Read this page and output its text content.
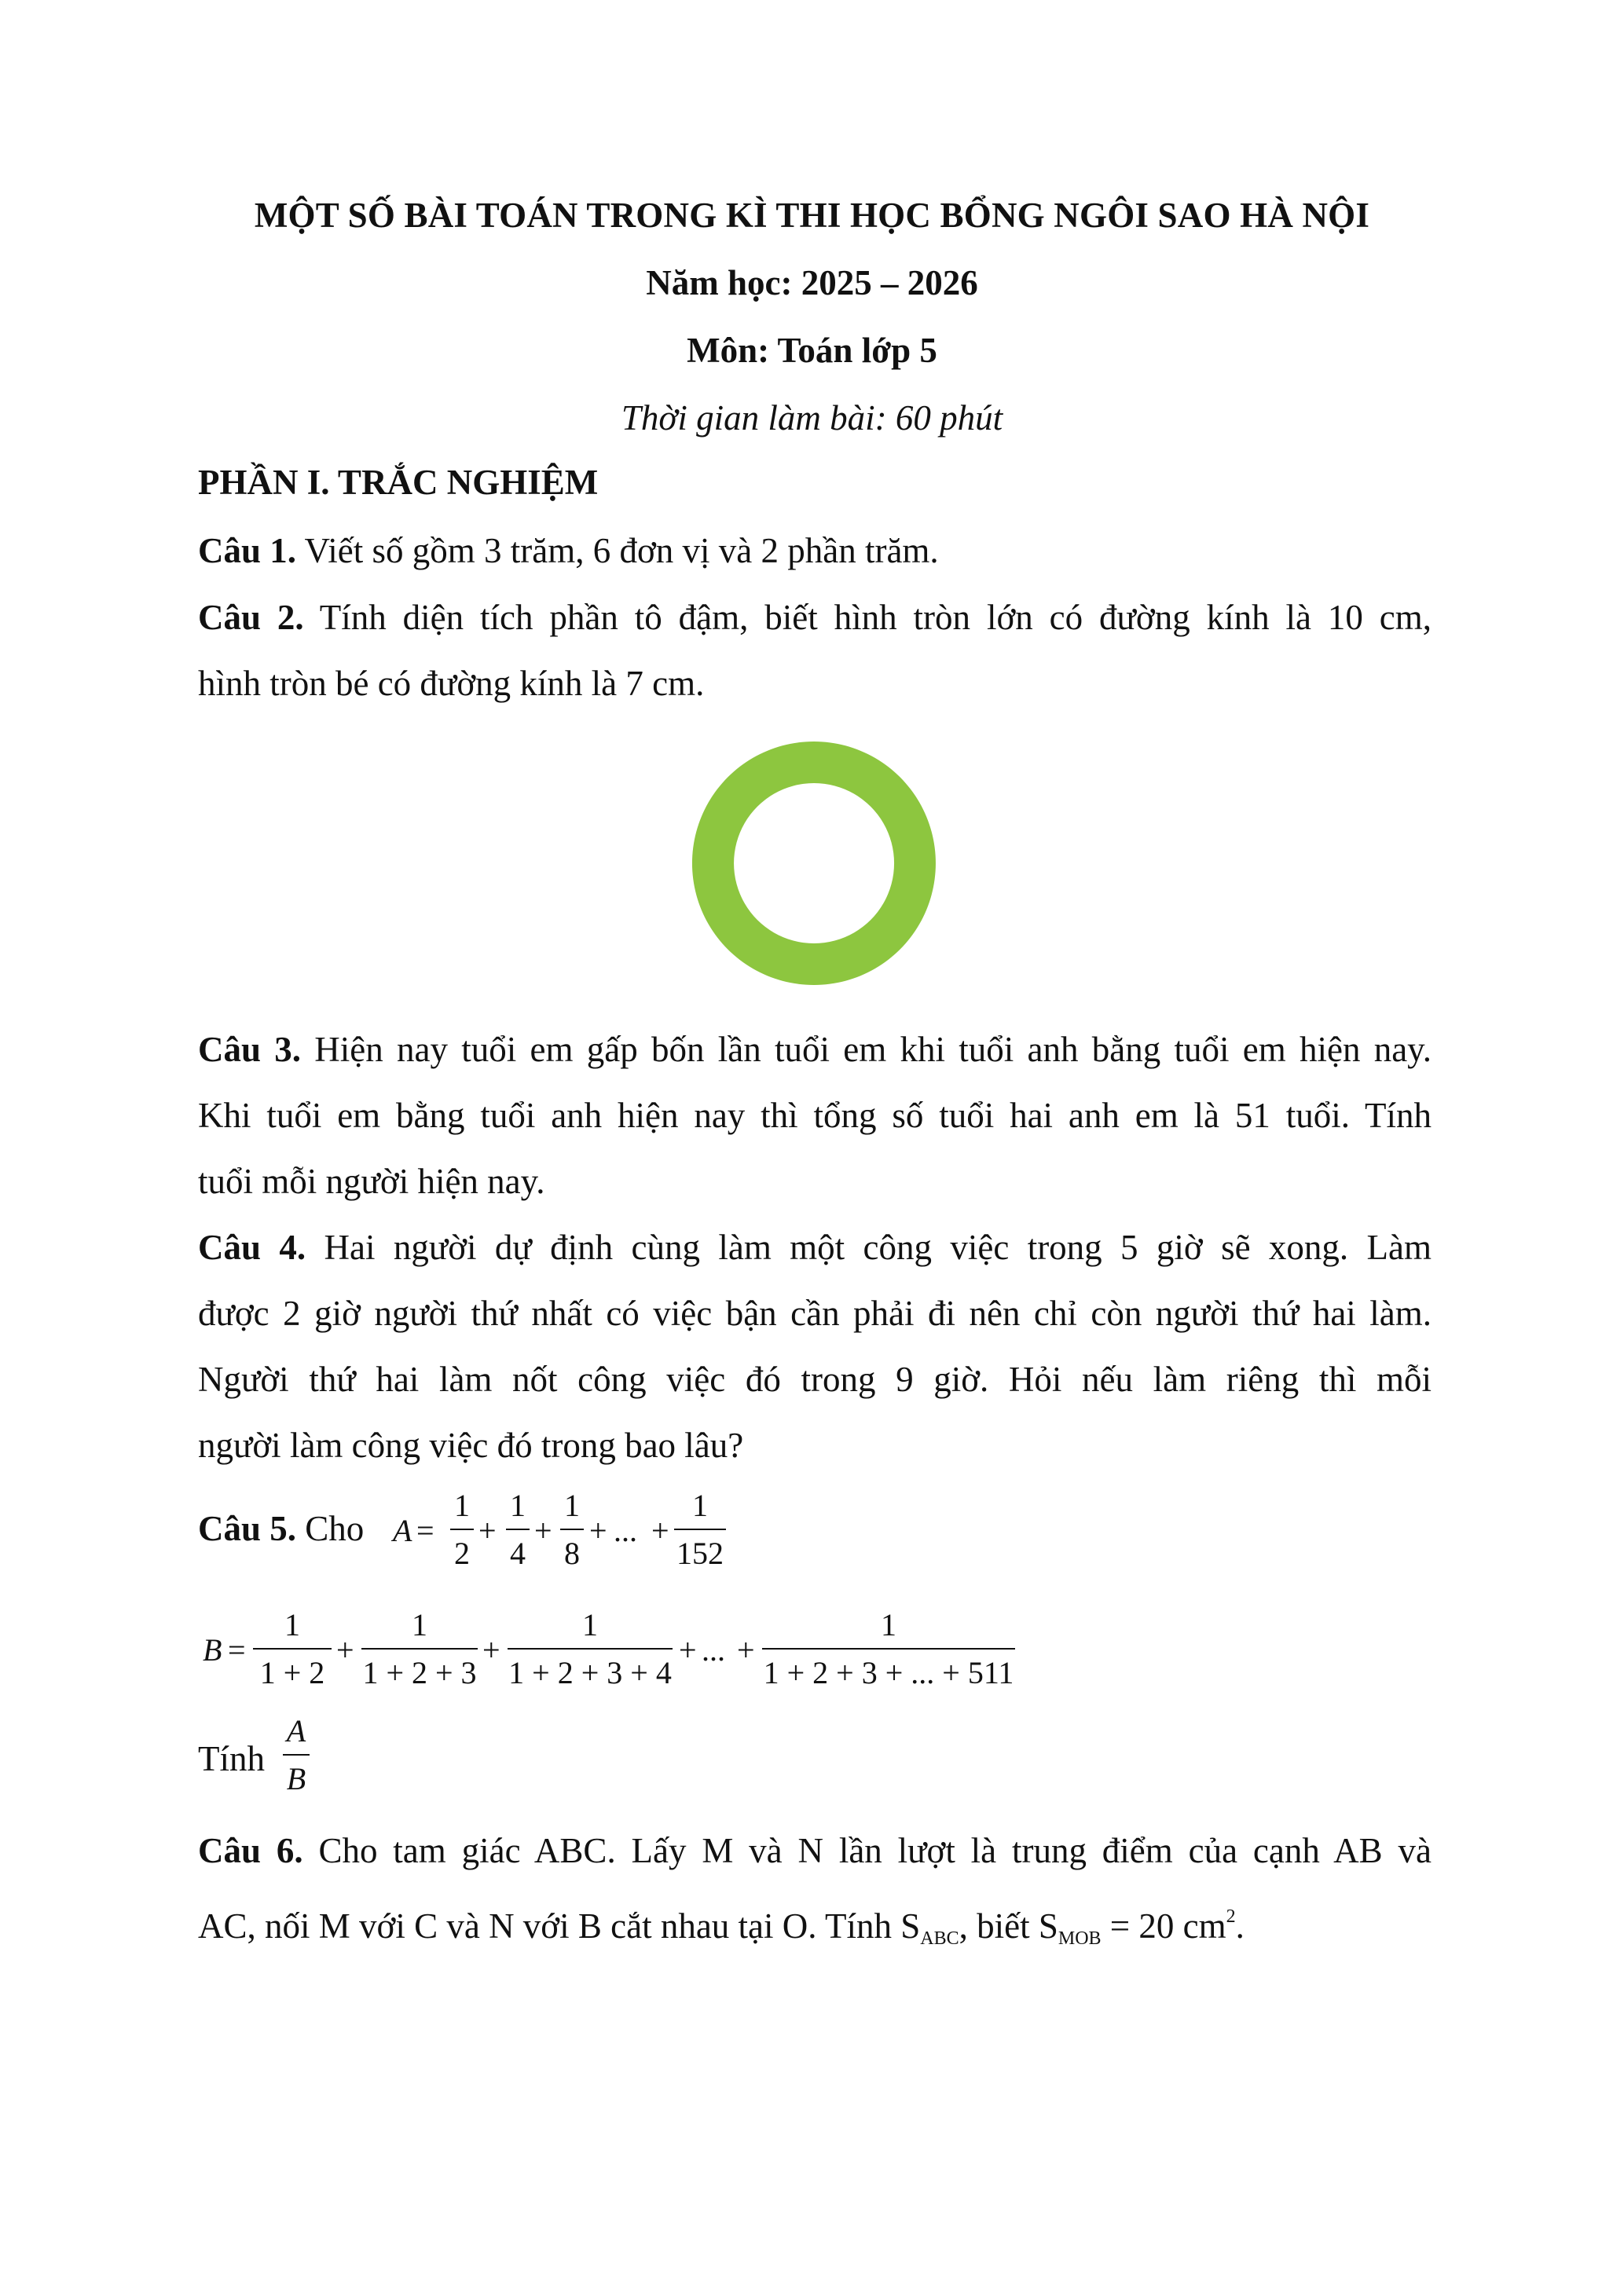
MỘT SỐ BÀI TOÁN TRONG KÌ THI HỌC BỔNG NGÔI SAO HÀ NỘI
Năm học: 2025 – 2026
Môn: Toán lớp 5
Thời gian làm bài: 60 phút
PHẦN I. TRẮC NGHIỆM
Câu 1. Viết số gồm 3 trăm, 6 đơn vị và 2 phần trăm.
Câu 2. Tính diện tích phần tô đậm, biết hình tròn lớn có đường kính là 10 cm,
hình tròn bé có đường kính là 7 cm.
Câu 3. Hiện nay tuổi em gấp bốn lần tuổi em khi tuổi anh bằng tuổi em hiện nay.
Khi tuổi em bằng tuổi anh hiện nay thì tổng số tuổi hai anh em là 51 tuổi. Tính
tuổi mỗi người hiện nay.
Câu 4. Hai người dự định cùng làm một công việc trong 5 giờ sẽ xong. Làm
được 2 giờ người thứ nhất có việc bận cần phải đi nên chỉ còn người thứ hai làm.
Người thứ hai làm nốt công việc đó trong 9 giờ. Hỏi nếu làm riêng thì mỗi
người làm công việc đó trong bao lâu?
Câu 5. Cho A =
1
2
+
1
4
+
1
8
+ ... +
1
152
B =
1
1 + 2
+
1
1 + 2 + 3
+
1
1 + 2 + 3 + 4
+ ... +
1
1 + 2 + 3 + ... + 511
Tính
A
B
Câu 6. Cho tam giác ABC. Lấy M và N lần lượt là trung điểm của cạnh AB và
AC, nối M với C và N với B cắt nhau tại O. Tính $S_{ABC}$, biết $S_{MOB} = 20$ $cm^2$.
